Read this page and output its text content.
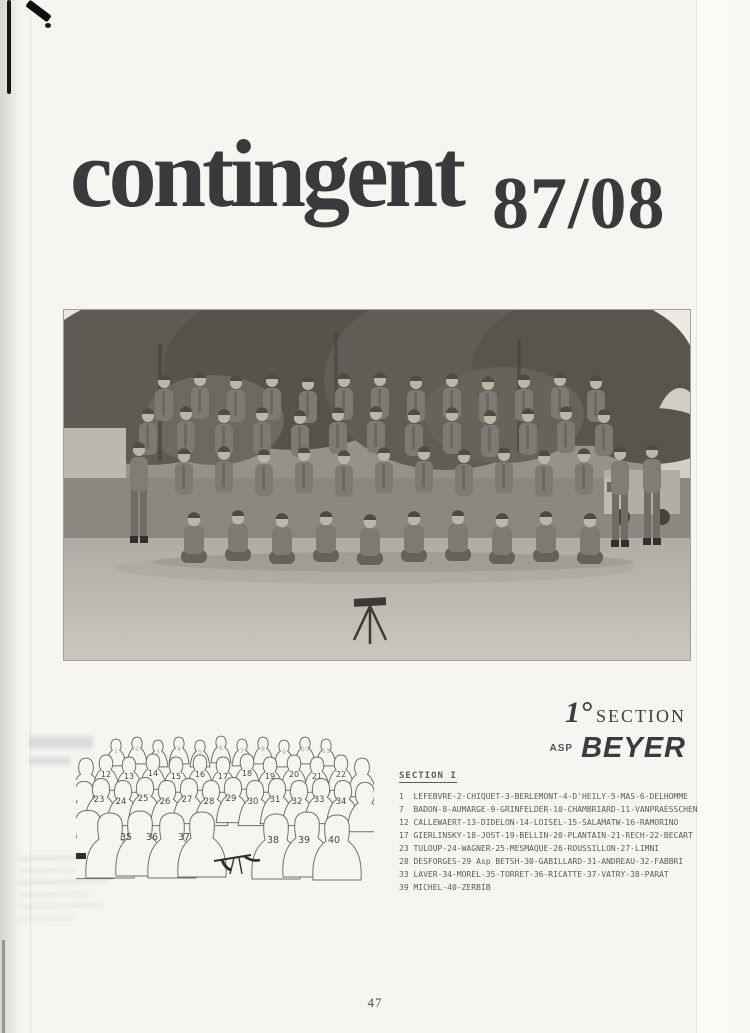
contingent 87/08
1° SECTION
$^{ASP}$ BEYER
1	2	3	4	5	6	7	8	9 10 11
12 13 14 15 16 17 18 19 20 21 22
23 24 25 26 27 28 29 30 31 32 33 34
35 36 37	38 39 40
SECTION I
1  LEFEBVRE-2-CHIQUET-3-BERLEMONT-4-D'HEILY-5-MAS-6-DELHOMME
7  BADON-8-AUMARGE-9-GRINFELDER-10-CHAMBRIARD-11-VANPRAESSCHEN
12 CALLEWAERT-13-DIDELON-14-LOISEL-15-SALAMATW-16-RAMORINO
17 GIERLINSKY-18-JOST-19-BELLIN-20-PLANTAIN-21-RECH-22-BECART
23 TULOUP-24-WAGNER-25-MESMAQUE-26-ROUSSILLON-27-LIMNI
28 DESFORGES-29 Asp BETSH-30-GABILLARD-31-ANDREAU-32-FABBRI
33 LAVER-34-MOREL-35-TORRET-36-RICATTE-37-VATRY-38-PARAT
39 MICHEL-40-ZERBIB
47
